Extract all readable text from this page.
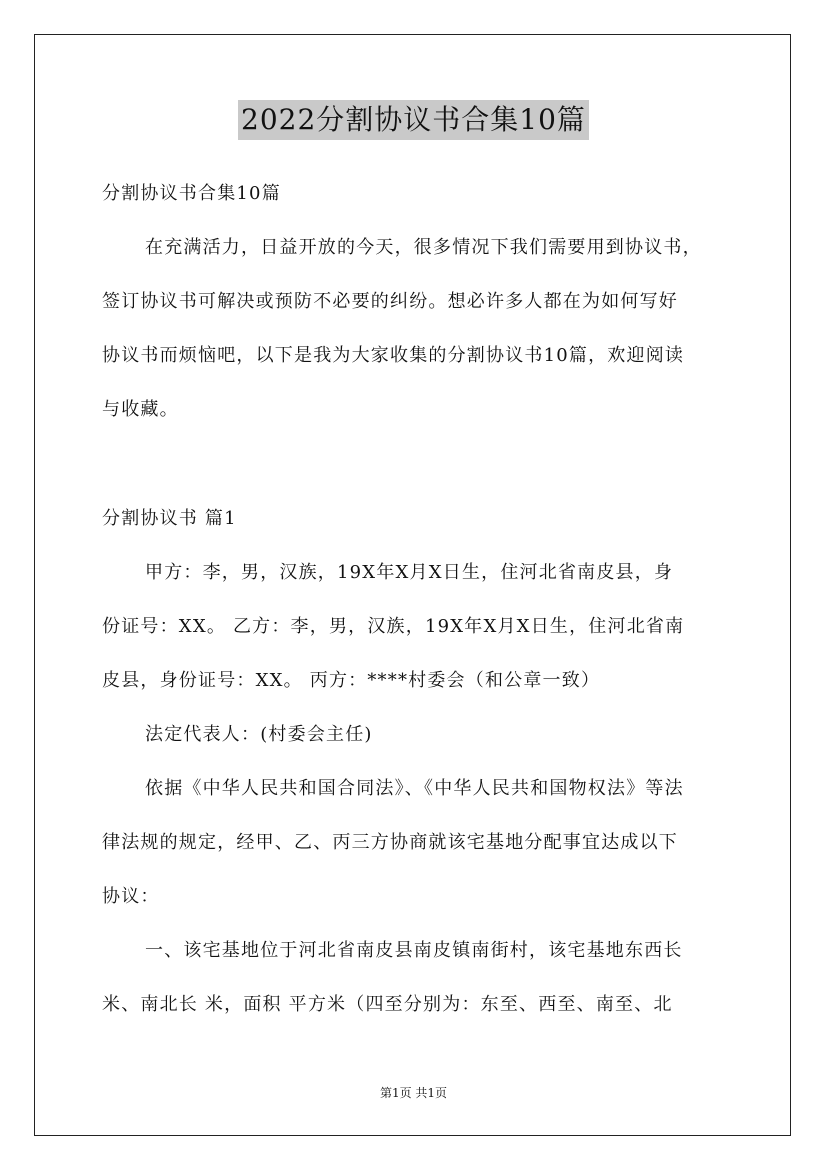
2022分割协议书合集10篇

分割协议书合集10篇

在充满活力，日益开放的今天，很多情况下我们需要用到协议书，

签订协议书可解决或预防不必要的纠纷。想必许多人都在为如何写好

协议书而烦恼吧，以下是我为大家收集的分割协议书10篇，欢迎阅读

与收藏。

分割协议书 篇1

甲方：李，男，汉族，19X年X月X日生，住河北省南皮县，身

份证号：XX。 乙方：李，男，汉族，19X年X月X日生，住河北省南

皮县，身份证号：XX。 丙方：****村委会（和公章一致）

法定代表人：(村委会主任)

依据《中华人民共和国合同法》、《中华人民共和国物权法》等法

律法规的规定，经甲、乙、丙三方协商就该宅基地分配事宜达成以下

协议：

一、该宅基地位于河北省南皮县南皮镇南街村，该宅基地东西长

米、南北长 米，面积 平方米（四至分别为：东至、西至、南至、北

第1页 共1页
